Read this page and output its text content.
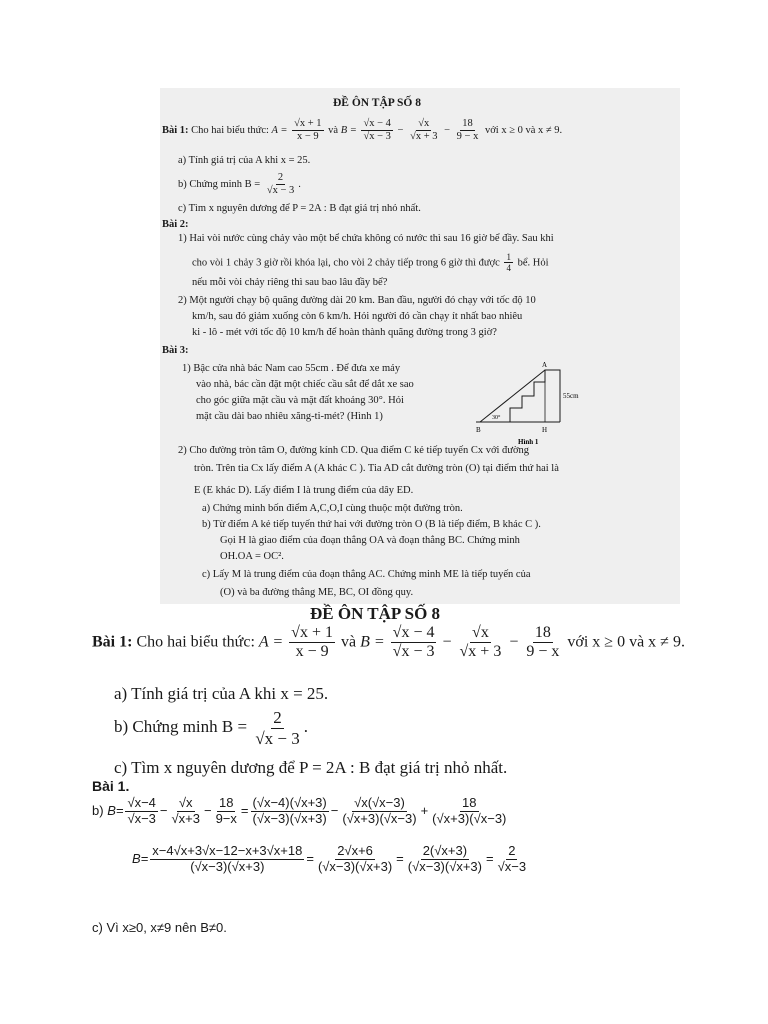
ĐỀ ÔN TẬP SỐ 8
Bài 1: Cho hai biểu thức: $A = \frac{√x + 1}{x - 9}$ và $B = \frac{√x - 4}{√x - 3} - \frac{√x}{√x + 3} - \frac{18}{9 - x}$ với x ≥ 0 và x ≠ 9.
a) Tính giá trị của A khi x = 25.
b) Chứng minh $B = \frac{2}{√x - 3}$ .
c) Tìm x nguyên dương để P = 2A : B đạt giá trị nhỏ nhất.
Bài 2:
1) Hai vòi nước cùng chảy vào một bể chứa không có nước thì sau 16 giờ bể đầy. Sau khi
cho vòi 1 chảy 3 giờ rồi khóa lại, cho vòi 2 chảy tiếp trong 6 giờ thì được $\frac{1}{4}$ bể. Hỏi
nếu mỗi vòi chảy riêng thì sau bao lâu đầy bể?
2) Một người chạy bộ quãng đường dài 20 km. Ban đầu, người đó chạy với tốc độ 10
km/h, sau đó giảm xuống còn 6 km/h. Hỏi người đó cần chạy ít nhất bao nhiêu
ki - lô - mét với tốc độ 10 km/h để hoàn thành quãng đường trong 3 giờ?
Bài 3:
1) Bậc cửa nhà bác Nam cao 55cm . Để đưa xe máy
vào nhà, bác cần đặt một chiếc cầu sắt để dắt xe sao
cho góc giữa mặt cầu và mặt đất khoảng 30°. Hỏi
mặt cầu dài bao nhiêu xăng-ti-mét? (Hình 1)
A
B	H
55cm
30°
Hình 1
2) Cho đường tròn tâm O, đường kính CD. Qua điểm C kẻ tiếp tuyến Cx với đường
tròn. Trên tia Cx lấy điểm A (A khác C ). Tia AD cắt đường tròn (O) tại điểm thứ hai là
E (E khác D). Lấy điểm I là trung điểm của dây ED.
a) Chứng minh bốn điểm A,C,O,I cùng thuộc một đường tròn.
b) Từ điểm A kẻ tiếp tuyến thứ hai với đường tròn O (B là tiếp điểm, B khác C ).
Gọi H là giao điểm của đoạn thẳng OA và đoạn thẳng BC. Chứng minh
OH.OA = OC².
c) Lấy M là trung điểm của đoạn thẳng AC. Chứng minh ME là tiếp tuyến của
(O) và ba đường thẳng ME, BC, OI đồng quy.
ĐỀ ÔN TẬP SỐ 8
Bài 1: Cho hai biểu thức: $A = \frac{√x + 1}{x - 9}$ và $B = \frac{√x - 4}{√x - 3} - \frac{√x}{√x + 3} - \frac{18}{9 - x}$ với x ≥ 0 và x ≠ 9.
a) Tính giá trị của A khi x = 25.
b) Chứng minh $B = \frac{2}{√x - 3}$ .
c) Tìm x nguyên dương để P = 2A : B đạt giá trị nhỏ nhất.
Bài 1.
b) $B= \frac{√x-4}{√x-3} - \frac{√x}{√x+3} - \frac{18}{9-x} = \frac{(√x-4)(√x+3)}{(√x-3)(√x+3)} - \frac{√x(√x-3)}{(√x+3)(√x-3)} + \frac{18}{(√x+3)(√x-3)}$
$B= \frac{x-4√x+3√x-12-x+3√x+18}{(√x-3)(√x+3)} = \frac{2√x+6}{(√x-3)(√x+3)} = \frac{2(√x+3)}{(√x-3)(√x+3)} = \frac{2}{√x-3}$
c) Vì x≥0, x≠9 nên B≠0.
